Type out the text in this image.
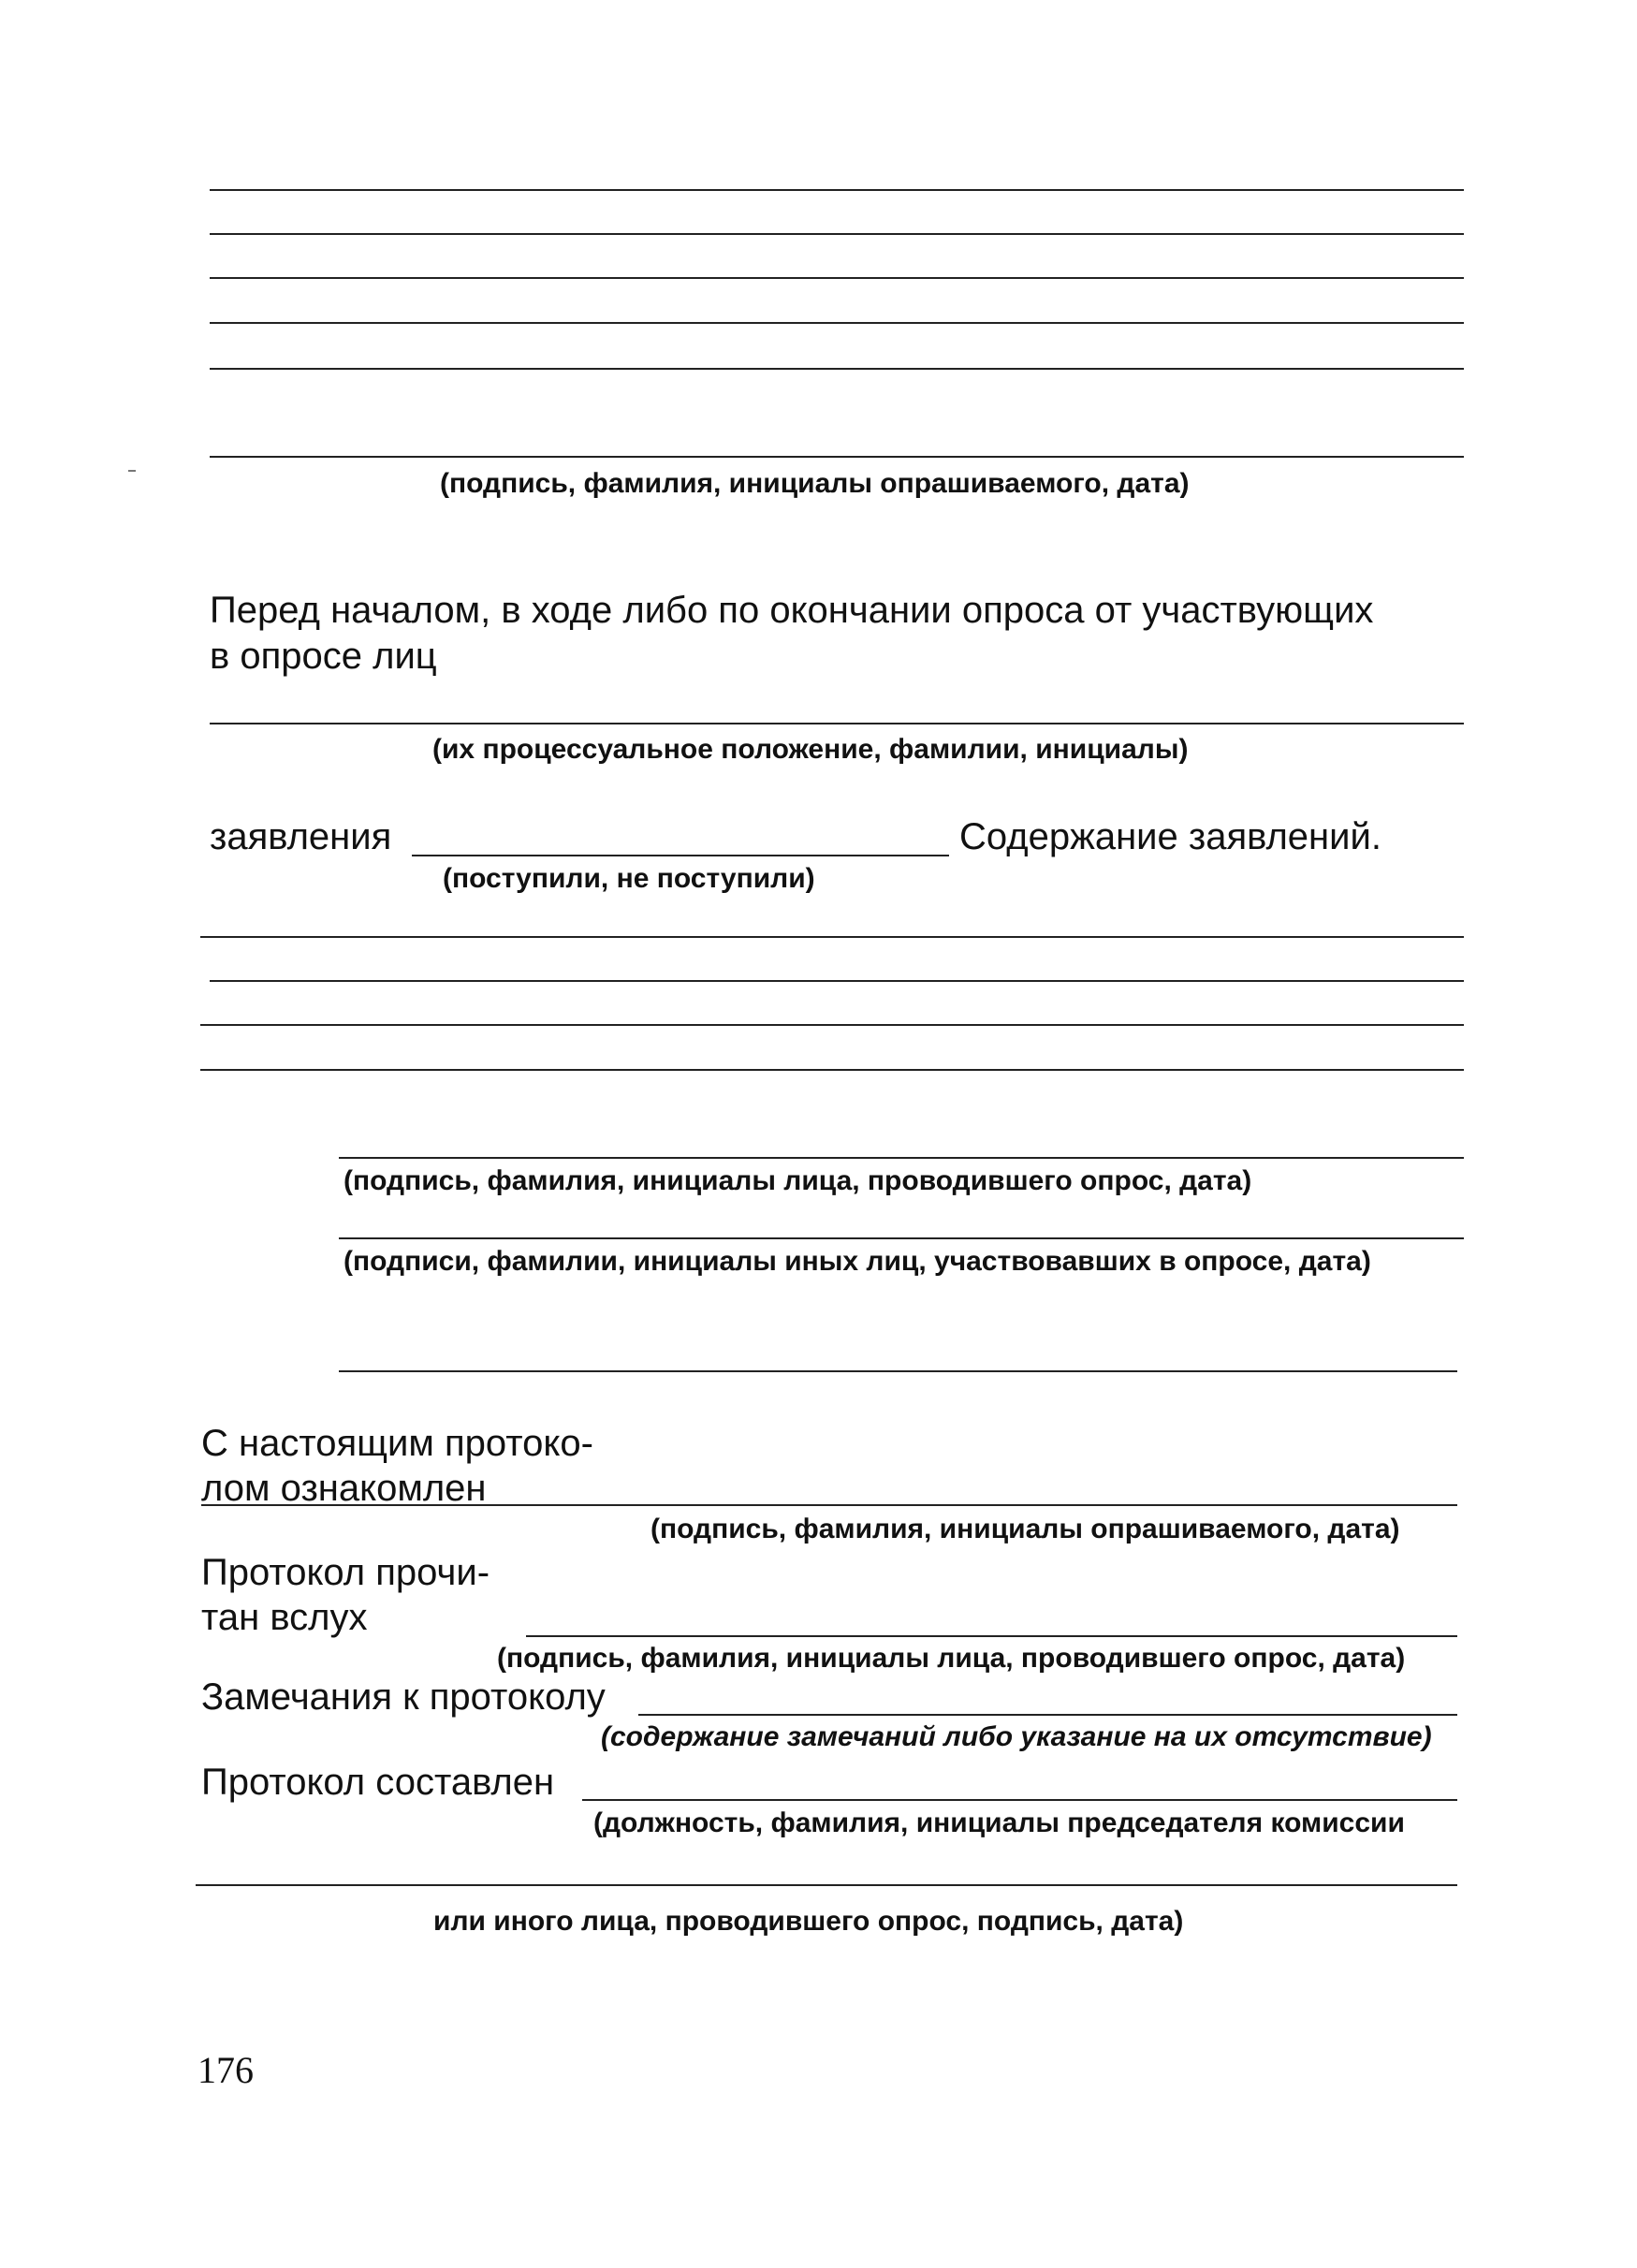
(подпись, фамилия, инициалы опрашиваемого, дата)
Перед началом, в ходе либо по окончании опроса от участвующих
в опросе лиц
(их процессуальное положение, фамилии, инициалы)
заявления	Содержание заявлений.
(поступили, не поступили)
(подпись, фамилия, инициалы лица, проводившего опрос, дата)
(подписи, фамилии, инициалы иных лиц, участвовавших в опросе, дата)
С настоящим протоко-
лом ознакомлен
(подпись, фамилия, инициалы опрашиваемого, дата)
Протокол прочи-
тан вслух
(подпись, фамилия, инициалы лица, проводившего опрос, дата)
Замечания к протоколу
(содержание замечаний либо указание на их отсутствие)
Протокол составлен
(должность, фамилия, инициалы председателя комиссии
или иного лица, проводившего опрос, подпись, дата)
176
